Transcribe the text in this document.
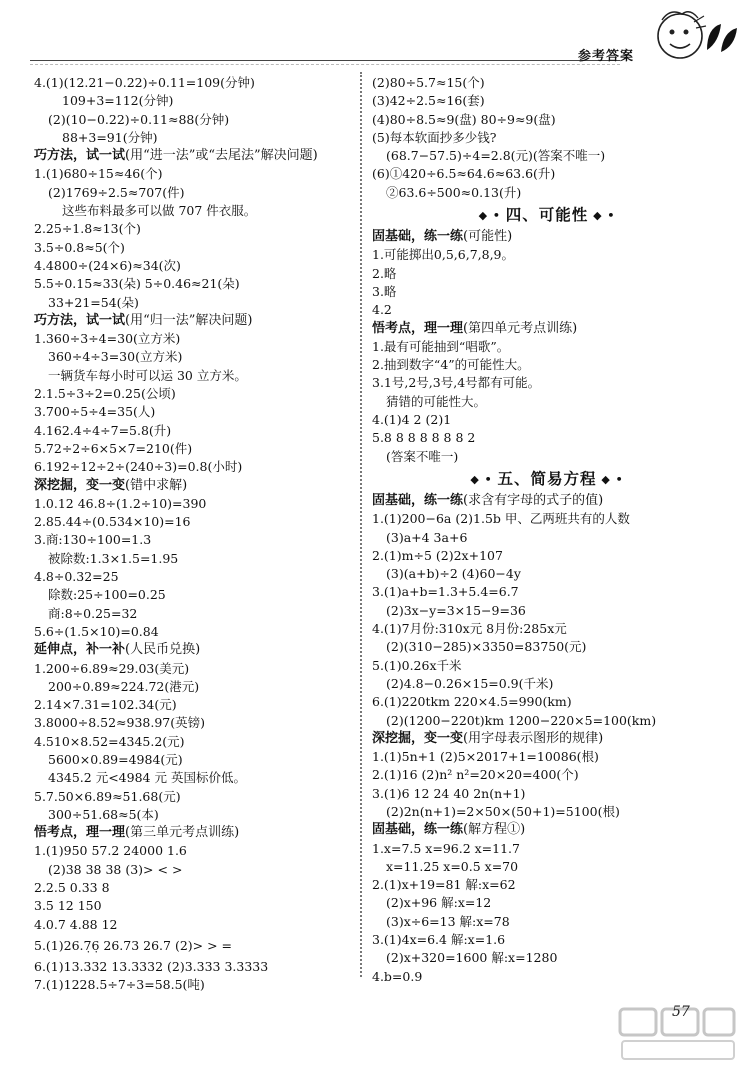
参考答案
4.(1)(12.21−0.22)÷0.11=109(分钟)
109+3=112(分钟)
(2)(10−0.22)÷0.11≈88(分钟)
88+3=91(分钟)
巧方法，试一试(用“进一法”或“去尾法”解决问题)
1.(1)680÷15≈46(个)
(2)1769÷2.5≈707(件)
这些布料最多可以做 707 件衣服。
2.25÷1.8≈13(个)
3.5÷0.8≈5(个)
4.4800÷(24×6)≈34(次)
5.5÷0.15≈33(朵) 5÷0.46≈21(朵)
33+21=54(朵)
巧方法，试一试(用“归一法”解决问题)
1.360÷3÷4=30(立方米)
360÷4÷3=30(立方米)
一辆货车每小时可以运 30 立方米。
2.1.5÷3÷2=0.25(公顷)
3.700÷5÷4=35(人)
4.162.4÷4÷7=5.8(升)
5.72÷2÷6×5×7=210(件)
6.192÷12÷2÷(240÷3)=0.8(小时)
深挖掘，变一变(错中求解)
1.0.12 46.8÷(1.2÷10)=390
2.85.44÷(0.534×10)=16
3.商:130÷100=1.3
被除数:1.3×1.5=1.95
4.8÷0.32=25
除数:25÷100=0.25
商:8÷0.25=32
5.6÷(1.5×10)=0.84
延伸点，补一补(人民币兑换)
1.200÷6.89≈29.03(美元)
200÷0.89≈224.72(港元)
2.14×7.31=102.34(元)
3.8000÷8.52≈938.97(英镑)
4.510×8.52=4345.2(元)
5600×0.89=4984(元)
4345.2 元<4984 元 英国标价低。
5.7.50×6.89≈51.68(元)
300÷51.68≈5(本)
悟考点，理一理(第三单元考点训练)
1.(1)950 57.2 24000 1.6
(2)38 38 38 (3)> < >
2.2.5 0.33 8
3.5 12 150
4.0.7 4.88 12
5.(1)26.7̣6̣ 26.73 26.7 (2)> > =
6.(1)13.332 13.3332 (2)3.333 3.3333
7.(1)1228.5÷7÷3=58.5(吨)
(2)80÷5.7≈15(个)
(3)42÷2.5≈16(套)
(4)80÷8.5≈9(盘) 80÷9≈9(盘)
(5)每本软面抄多少钱?
(68.7−57.5)÷4=2.8(元)(答案不唯一)
(6)①420÷6.5≈64.6≈63.6(升)
②63.6÷500≈0.13(升)
◆ • 四、可能性 ◆ •
固基础，练一练(可能性)
1.可能掷出0,5,6,7,8,9。
2.略
3.略
4.2
悟考点，理一理(第四单元考点训练)
1.最有可能抽到“唱歌”。
2.抽到数字“4”的可能性大。
3.1号,2号,3号,4号都有可能。
猜错的可能性大。
4.(1)4 2 (2)1
5.8 8 8 8 8 8 8 2
(答案不唯一)
◆ • 五、简易方程 ◆ •
固基础，练一练(求含有字母的式子的值)
1.(1)200−6a (2)1.5b 甲、乙两班共有的人数
(3)a+4 3a+6
2.(1)m÷5 (2)2x+107
(3)(a+b)÷2 (4)60−4y
3.(1)a+b=1.3+5.4=6.7
(2)3x−y=3×15−9=36
4.(1)7月份:310x元 8月份:285x元
(2)(310−285)×3350=83750(元)
5.(1)0.26x千米
(2)4.8−0.26×15=0.9(千米)
6.(1)220tkm 220×4.5=990(km)
(2)(1200−220t)km 1200−220×5=100(km)
深挖掘，变一变(用字母表示图形的规律)
1.(1)5n+1 (2)5×2017+1=10086(根)
2.(1)16 (2)n² n²=20×20=400(个)
3.(1)6 12 24 40 2n(n+1)
(2)2n(n+1)=2×50×(50+1)=5100(根)
固基础，练一练(解方程①)
1.x=7.5 x=96.2 x=11.7
x=11.25 x=0.5 x=70
2.(1)x+19=81 解:x=62
(2)x+96 解:x=12
(3)x÷6=13 解:x=78
3.(1)4x=6.4 解:x=1.6
(2)x+320=1600 解:x=1280
4.b=0.9
57
